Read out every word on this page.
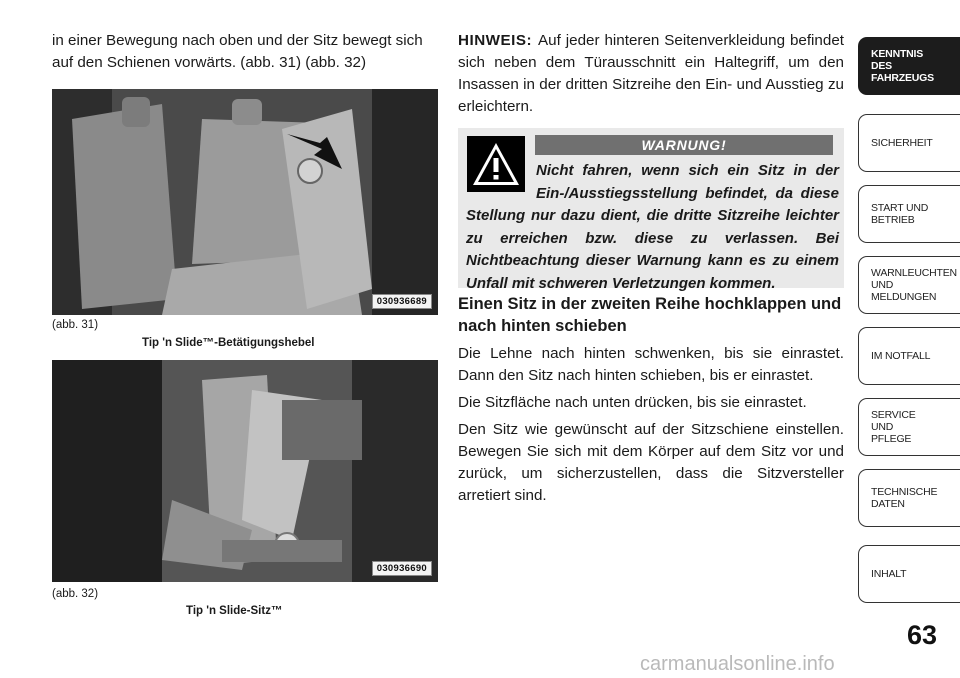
in einer Bewegung nach oben und der Sitz bewegt sich auf den Schienen vorwärts. (abb. 31) (abb. 32)
030936689
(abb. 31)
Tip 'n Slide™-Betätigungshebel
030936690
(abb. 32)
Tip 'n Slide-Sitz™
HINWEIS: Auf jeder hinteren Seitenverkleidung befindet sich neben dem Türausschnitt ein Haltegriff, um den Insassen in der dritten Sitzreihe den Ein- und Ausstieg zu erleichtern.
WARNUNG!
Nicht fahren, wenn sich ein Sitz in der Ein-/Ausstiegsstellung befindet, da diese Stellung nur dazu dient, die dritte Sitzreihe leichter zu erreichen bzw. diese zu verlassen. Bei Nichtbeachtung dieser Warnung kann es zu einem Unfall mit schweren Verletzungen kommen.
Einen Sitz in der zweiten Reihe hochklappen und nach hinten schieben
Die Lehne nach hinten schwenken, bis sie einrastet. Dann den Sitz nach hinten schieben, bis er einrastet.
Die Sitzfläche nach unten drücken, bis sie einrastet.
Den Sitz wie gewünscht auf der Sitzschiene einstellen. Bewegen Sie sich mit dem Körper auf dem Sitz vor und zurück, um sicherzustellen, dass die Sitzversteller arretiert sind.
KENNTNIS
DES
FAHRZEUGS
SICHERHEIT
START UND
BETRIEB
WARNLEUCHTEN
UND
MELDUNGEN
IM NOTFALL
SERVICE
UND
PFLEGE
TECHNISCHE
DATEN
INHALT
63
carmanualsonline.info
